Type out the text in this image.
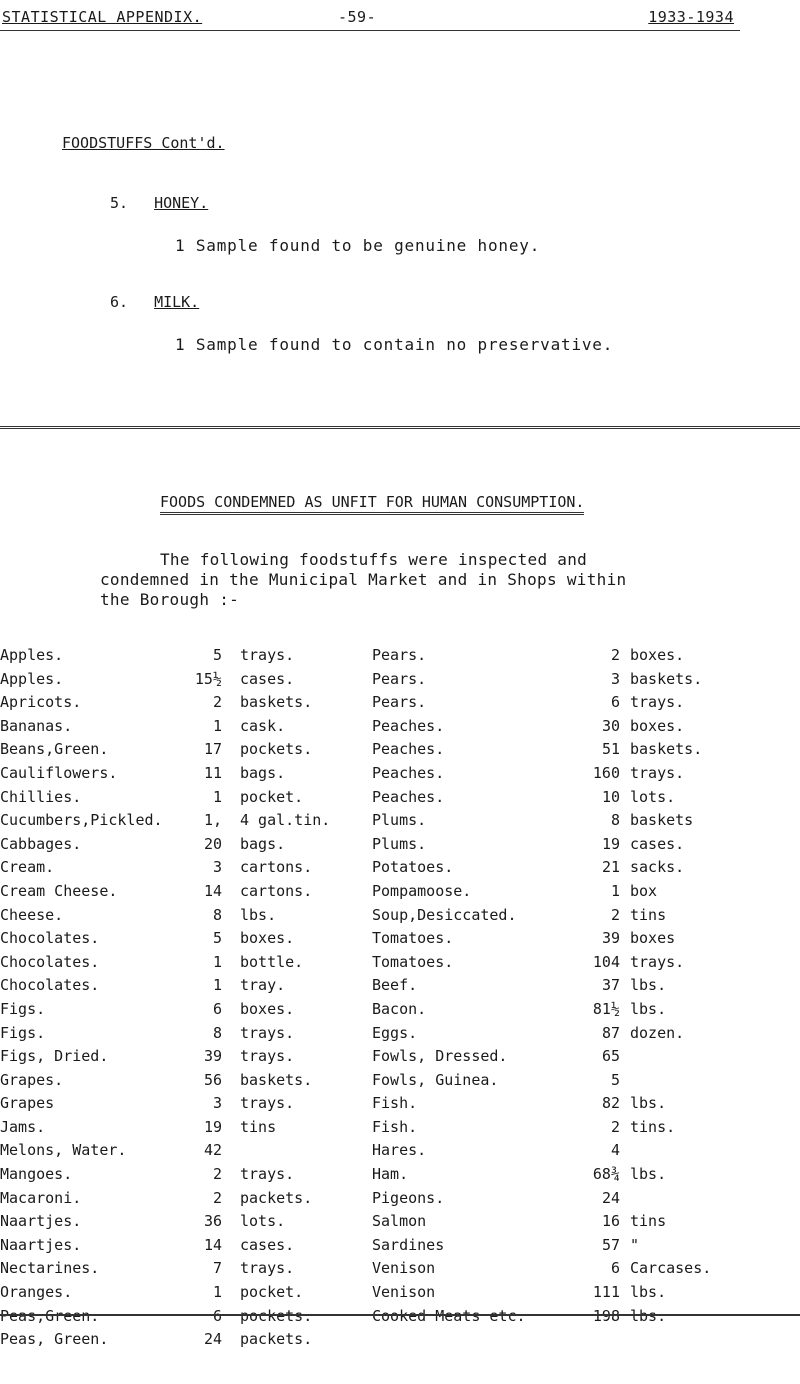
STATISTICAL APPENDIX.	-59-	1933-1934
FOODSTUFFS Cont'd.
5. HONEY.
1 Sample found to be genuine honey.
6. MILK.
1 Sample found to contain no preservative.
FOODS CONDEMNED AS UNFIT FOR HUMAN CONSUMPTION.

The following foodstuffs were inspected and

condemned in the Municipal Market and in Shops within

the Borough :-

Apples.	5 trays.	Pears.	2 boxes.
Apples.	15½ cases.	Pears.	3 baskets.
Apricots.	2 baskets.	Pears.	6 trays.
Bananas.	1 cask.	Peaches.	30 boxes.
Beans,Green.	17 pockets.	Peaches.	51 baskets.
Cauliflowers.	11 bags.	Peaches.	160 trays.
Chillies.	1 pocket.	Peaches.	10 lots.
Cucumbers,Pickled.	1, 4 gal.tin.	Plums.	8 baskets
Cabbages.	20 bags.	Plums.	19 cases.
Cream.	3 cartons.	Potatoes.	21 sacks.
Cream Cheese.	14 cartons.	Pompamoose.	1 box
Cheese.	8 lbs.	Soup,Desiccated.	2 tins
Chocolates.	5 boxes.	Tomatoes.	39 boxes
Chocolates.	1 bottle.	Tomatoes.	104 trays.
Chocolates.	1 tray.	Beef.	37 lbs.
Figs.	6 boxes.	Bacon.	81½ lbs.
Figs.	8 trays.	Eggs.	87 dozen.
Figs, Dried.	39 trays.	Fowls, Dressed.	65
Grapes.	56 baskets.	Fowls, Guinea.	5
Grapes	3 trays.	Fish.	82 lbs.
Jams.	19 tins	Fish.	2 tins.
Melons, Water.	42	Hares.	4
Mangoes.	2 trays.	Ham.	68¾ lbs.
Macaroni.	2 packets.	Pigeons.	24
Naartjes.	36 lots.	Salmon	16 tins
Naartjes.	14 cases.	Sardines	57 "
Nectarines.	7 trays.	Venison	6 Carcases.
Oranges.	1 pocket.	Venison	111 lbs.
Peas,Green.	6 pockets.	Cooked Meats etc.	198 lbs.
Peas, Green.	24 packets.
